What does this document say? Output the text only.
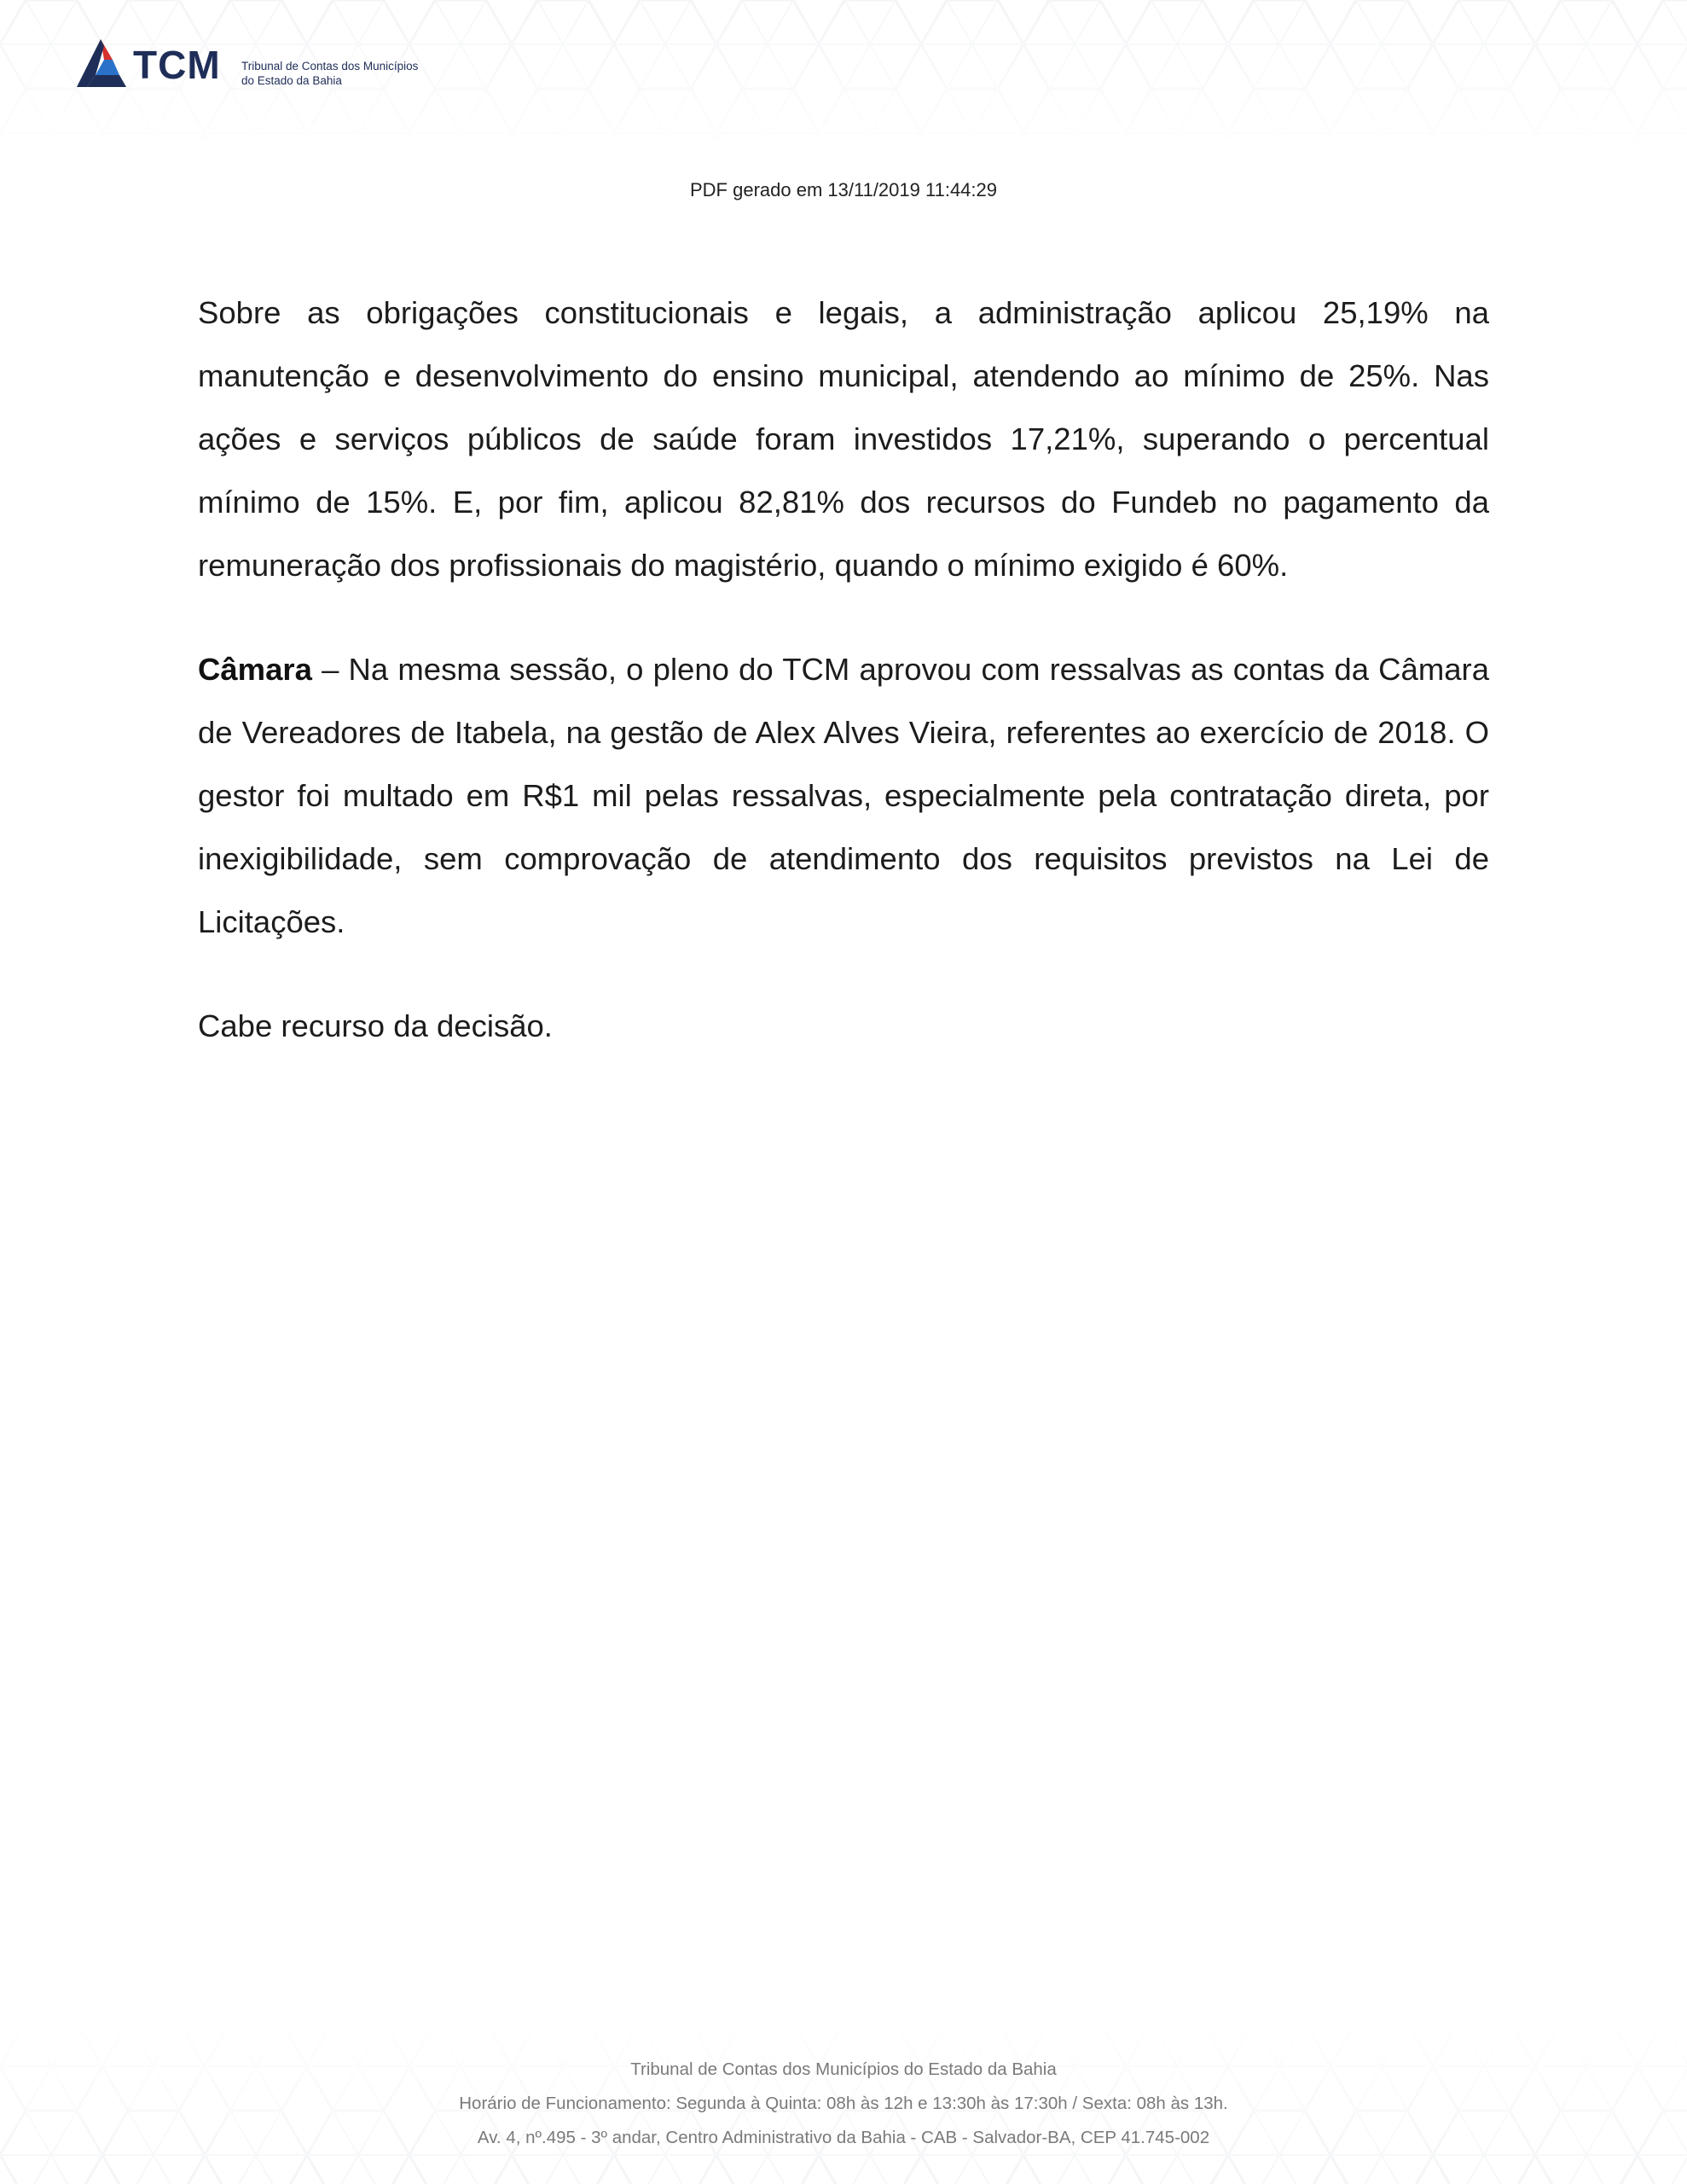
TCM Tribunal de Contas dos Municípios
do Estado da Bahia
PDF gerado em 13/11/2019 11:44:29

Sobre as obrigações constitucionais e legais, a administração aplicou 25,19% na manutenção e desenvolvimento do ensino municipal, atendendo ao mínimo de 25%. Nas ações e serviços públicos de saúde foram investidos 17,21%, superando o percentual mínimo de 15%. E, por fim, aplicou 82,81% dos recursos do Fundeb no pagamento da remuneração dos profissionais do magistério, quando o mínimo exigido é 60%.

Câmara – Na mesma sessão, o pleno do TCM aprovou com ressalvas as contas da Câmara de Vereadores de Itabela, na gestão de Alex Alves Vieira, referentes ao exercício de 2018. O gestor foi multado em R$1 mil pelas ressalvas, especialmente pela contratação direta, por inexigibilidade, sem comprovação de atendimento dos requisitos previstos na Lei de Licitações.

Cabe recurso da decisão.

Tribunal de Contas dos Municípios do Estado da Bahia
Horário de Funcionamento: Segunda à Quinta: 08h às 12h e 13:30h às 17:30h / Sexta: 08h às 13h.
Av. 4, nº.495 - 3º andar, Centro Administrativo da Bahia - CAB - Salvador-BA, CEP 41.745-002
